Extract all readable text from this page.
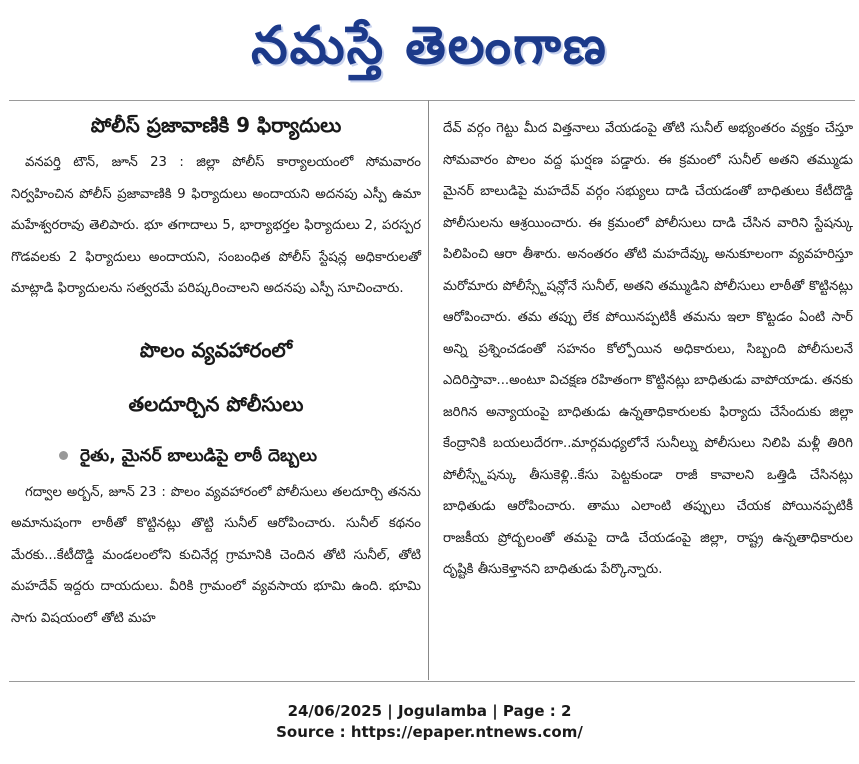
నమస్తే తెలంగాణ
పోలీస్ ప్రజావాణికి 9 ఫిర్యాదులు

వనపర్తి టౌన్, జూన్ 23 : జిల్లా పోలీస్ కార్యాలయంలో సోమవారం నిర్వహించిన పోలీస్ ప్రజావాణికి 9 ఫిర్యాదులు అందాయని అదనపు ఎస్పీ ఉమా మహేశ్వరరావు తెలిపారు. భూ తగాదాలు 5, భార్యాభర్తల ఫిర్యాదులు 2, పరస్పర గొడవలకు 2 ఫిర్యాదులు అందాయని, సంబంధిత పోలీస్ స్టేషన్ల అధికారులతో మాట్లాడి ఫిర్యాదులను సత్వరమే పరిష్కరించాలని అదనపు ఎస్పీ సూచించారు.

పొలం వ్యవహారంలో
తలదూర్చిన పోలీసులు
రైతు, మైనర్ బాలుడిపై లాఠీ దెబ్బలు

గద్వాల అర్బన్, జూన్ 23 : పొలం వ్యవహారంలో పోలీసులు తలదూర్చి తనను అమానుషంగా లాఠీతో కొట్టినట్లు తొట్టి సునీల్ ఆరోపించారు. సునీల్ కథనం మేరకు...కేటీదొడ్డి మండలంలోని కుచినేర్ల గ్రామానికి చెందిన తోటి సునీల్, తోటి మహదేవ్ ఇద్దరు దాయదులు. వీరికి గ్రామంలో వ్యవసాయ భూమి ఉంది. భూమి సాగు విషయంలో తోటి మహ

దేవ్ వర్గం గెట్టు మీద విత్తనాలు వేయడంపై తోటి సునీల్ అభ్యంతరం వ్యక్తం చేస్తూ సోమవారం పొలం వద్ద ఘర్షణ పడ్డారు. ఈ క్రమంలో సునీల్ అతని తమ్ముడు మైనర్ బాలుడిపై మహదేవ్ వర్గం సభ్యులు దాడి చేయడంతో బాధితులు కేటీదొడ్డి పోలీసులను ఆశ్రయించారు. ఈ క్రమంలో పోలీసులు దాడి చేసిన వారిని స్టేషన్కు పిలిపించి ఆరా తీశారు. అనంతరం తోటి మహదేవ్కు అనుకూలంగా వ్యవహరిస్తూ మరోమారు పోలీస్స్టేషన్లోనే సునీల్, అతని తమ్ముడిని పోలీసులు లాఠీతో కొట్టినట్లు ఆరోపించారు. తమ తప్పు లేక పోయినప్పటికీ తమను ఇలా కొట్టడం ఏంటి సార్ అన్ని ప్రశ్నించడంతో సహనం కోల్పోయిన అధికారులు, సిబ్బంది పోలీసులనే ఎదిరిస్తావా...అంటూ విచక్షణ రహితంగా కొట్టినట్లు బాధితుడు వాపోయాడు. తనకు జరిగిన అన్యాయంపై బాధితుడు ఉన్నతాధికారులకు ఫిర్యాదు చేసేందుకు జిల్లా కేంద్రానికి బయలుదేరగా..మార్గమధ్యలోనే సునీల్ను పోలీసులు నిలిపి మళ్లీ తిరిగి పోలీస్స్టేషన్కు తీసుకెళ్లి..కేసు పెట్టకుండా రాజీ కావాలని ఒత్తిడి చేసినట్లు బాధితుడు ఆరోపించారు. తాము ఎలాంటి తప్పులు చేయక పోయినప్పటికీ రాజకీయ ప్రోద్బలంతో తమపై దాడి చేయడంపై జిల్లా, రాష్ట్ర ఉన్నతాధికారుల దృష్టికి తీసుకెళ్తానని బాధితుడు పేర్కొన్నారు.

24/06/2025 | Jogulamba | Page : 2
Source : https://epaper.ntnews.com/
